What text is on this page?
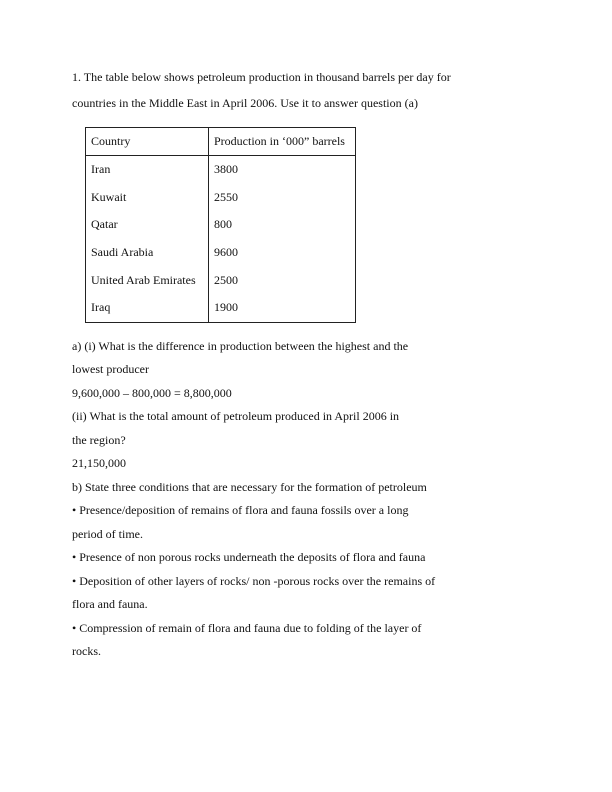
1. The table below shows petroleum production in thousand barrels per day for
countries in the Middle East in April 2006. Use it to answer question (a)
Country	Production in ‘000” barrels
Iran	3800
Kuwait	2550
Qatar	800
Saudi Arabia	9600
United Arab Emirates	2500
Iraq	1900
a) (i) What is the difference in production between the highest and the
lowest producer
9,600,000 – 800,000 = 8,800,000
(ii) What is the total amount of petroleum produced in April 2006 in
the region?
21,150,000
b) State three conditions that are necessary for the formation of petroleum
• Presence/deposition of remains of flora and fauna fossils over a long
period of time.
• Presence of non porous rocks underneath the deposits of flora and fauna
• Deposition of other layers of rocks/ non -porous rocks over the remains of
flora and fauna.
• Compression of remain of flora and fauna due to folding of the layer of
rocks.
